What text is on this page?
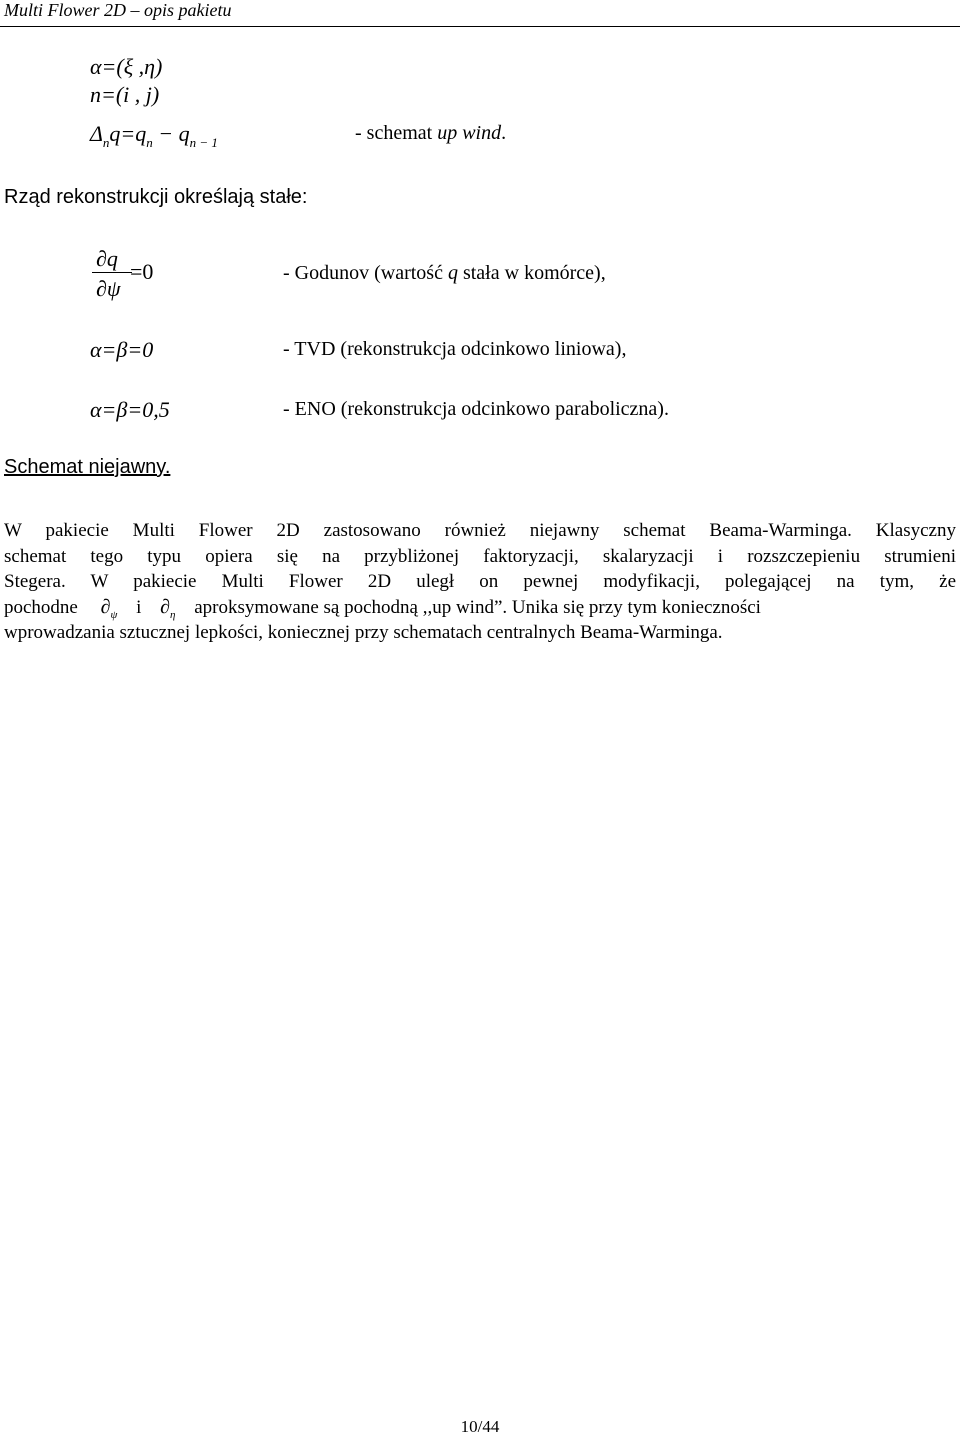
Multi Flower 2D – opis pakietu
α=(ξ ,η)
n=(i , j)
$\Delta_nq=q_n - q_{n - 1}$	- schemat up wind.
Rząd rekonstrukcji określają stałe:
∂q
∂ψ
=0	- Godunov (wartość q stała w komórce),
α=β=0	- TVD (rekonstrukcja odcinkowo liniowa),
α=β=0,5	- ENO (rekonstrukcja odcinkowo paraboliczna).
Schemat niejawny.
W pakiecie Multi Flower 2D zastosowano również niejawny schemat Beama-Warminga. Klasyczny
schemat tego typu opiera się na przybliżonej faktoryzacji, skalaryzacji i rozszczepieniu strumieni
Stegera. W pakiecie Multi Flower 2D uległ on pewnej modyfikacji, polegającej na tym, że
pochodne $\partial_\psi$ i $\partial_\eta$ aproksymowane są pochodną ,,up wind”. Unika się przy tym konieczności
wprowadzania sztucznej lepkości, koniecznej przy schematach centralnych Beama-Warminga.
10/44
